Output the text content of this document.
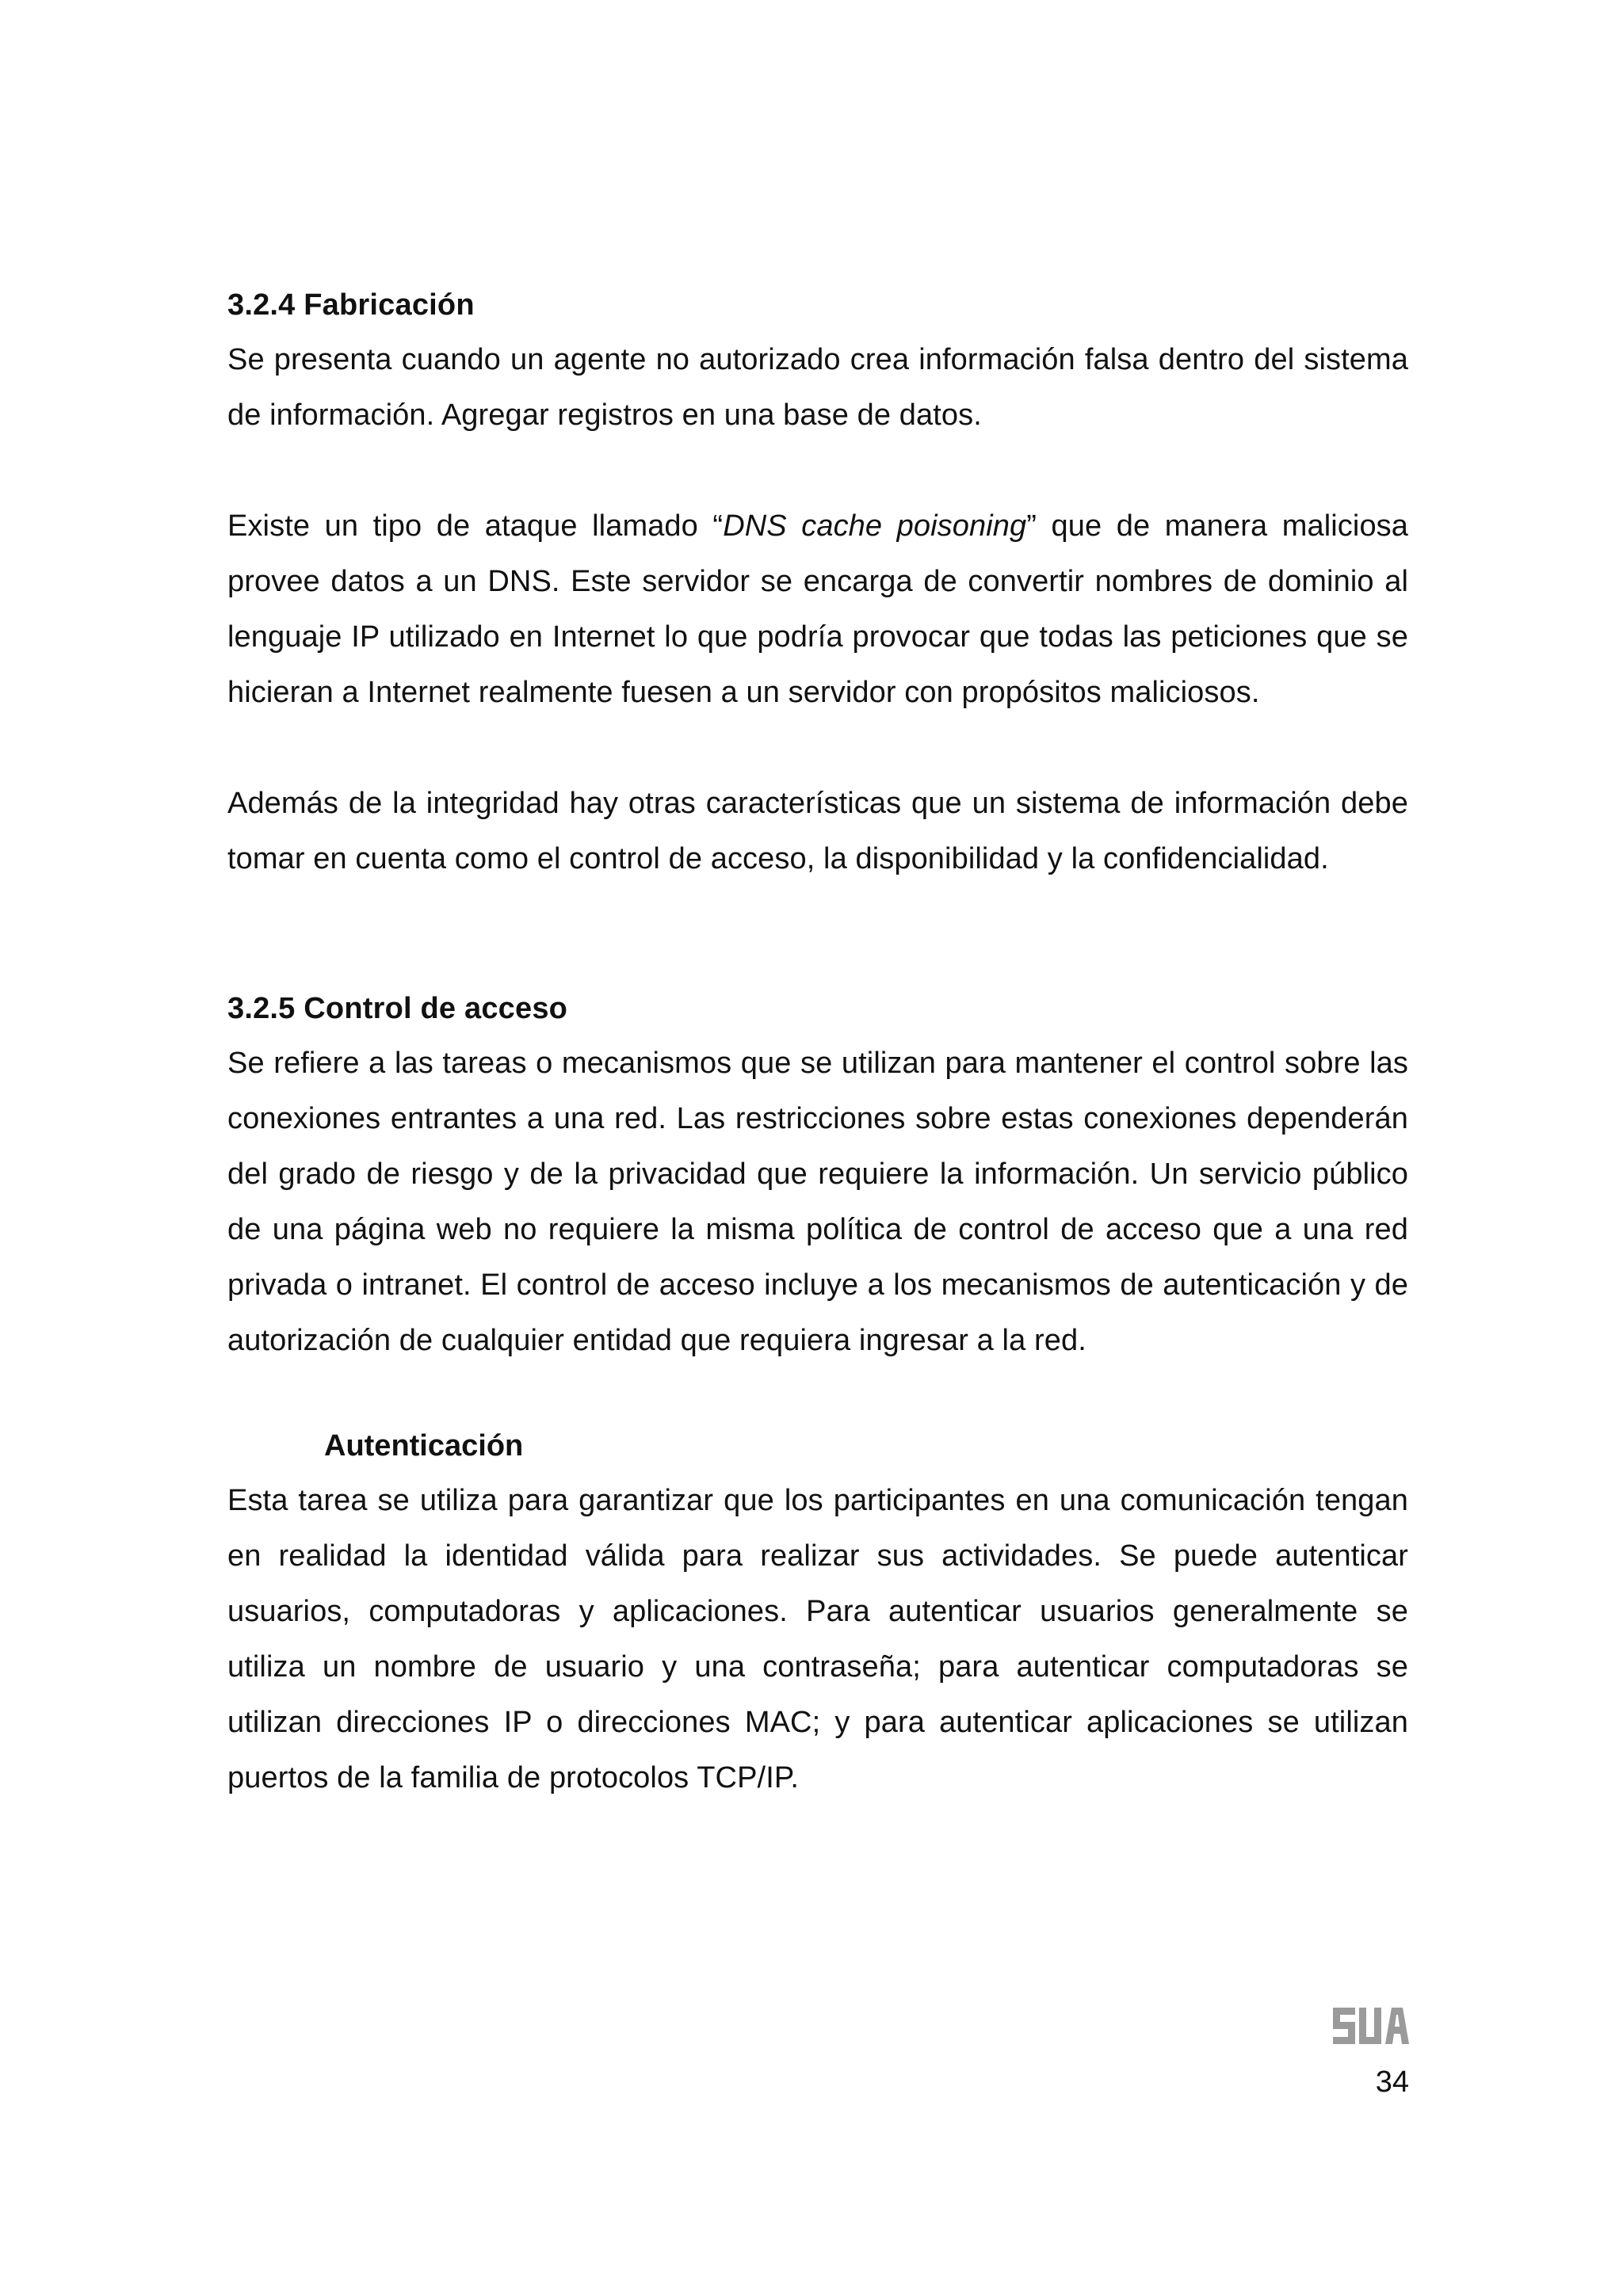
3.2.4 Fabricación

Se presenta cuando un agente no autorizado crea información falsa dentro del sistema de información. Agregar registros en una base de datos.

Existe un tipo de ataque llamado “DNS cache poisoning” que de manera maliciosa provee datos a un DNS. Este servidor se encarga de convertir nombres de dominio al lenguaje IP utilizado en Internet lo que podría provocar que todas las peticiones que se hicieran a Internet realmente fuesen a un servidor con propósitos maliciosos.

Además de la integridad hay otras características que un sistema de información debe tomar en cuenta como el control de acceso, la disponibilidad y la confidencialidad.

3.2.5 Control de acceso

Se refiere a las tareas o mecanismos que se utilizan para mantener el control sobre las conexiones entrantes a una red. Las restricciones sobre estas conexiones dependerán del grado de riesgo y de la privacidad que requiere la información. Un servicio público de una página web no requiere la misma política de control de acceso que a una red privada o intranet. El control de acceso incluye a los mecanismos de autenticación y de autorización de cualquier entidad que requiera ingresar a la red.

Autenticación

Esta tarea se utiliza para garantizar que los participantes en una comunicación tengan en realidad la identidad válida para realizar sus actividades. Se puede autenticar usuarios, computadoras y aplicaciones. Para autenticar usuarios generalmente se utiliza un nombre de usuario y una contraseña; para autenticar computadoras se utilizan direcciones IP o direcciones MAC; y para autenticar aplicaciones se utilizan puertos de la familia de protocolos TCP/IP.

34
